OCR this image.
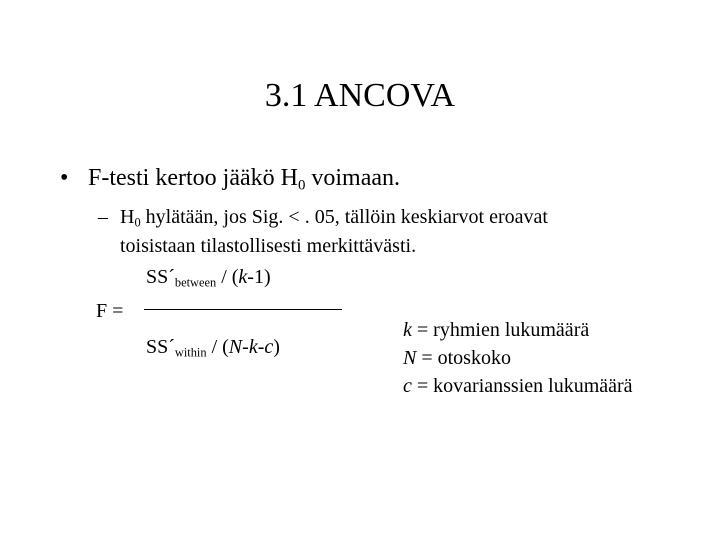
3.1 ANCOVA
• F-testi kertoo jääkö $H_0$ voimaan.
– $H_0$ hylätään, jos Sig. < . 05, tällöin keskiarvot eroavat
toisistaan tilastollisesti merkittävästi.
$SS´_{between} / (k-1)$
F =
$SS´_{within} / (N-k-c)$
k = ryhmien lukumäärä
N = otoskoko
c = kovarianssien lukumäärä
